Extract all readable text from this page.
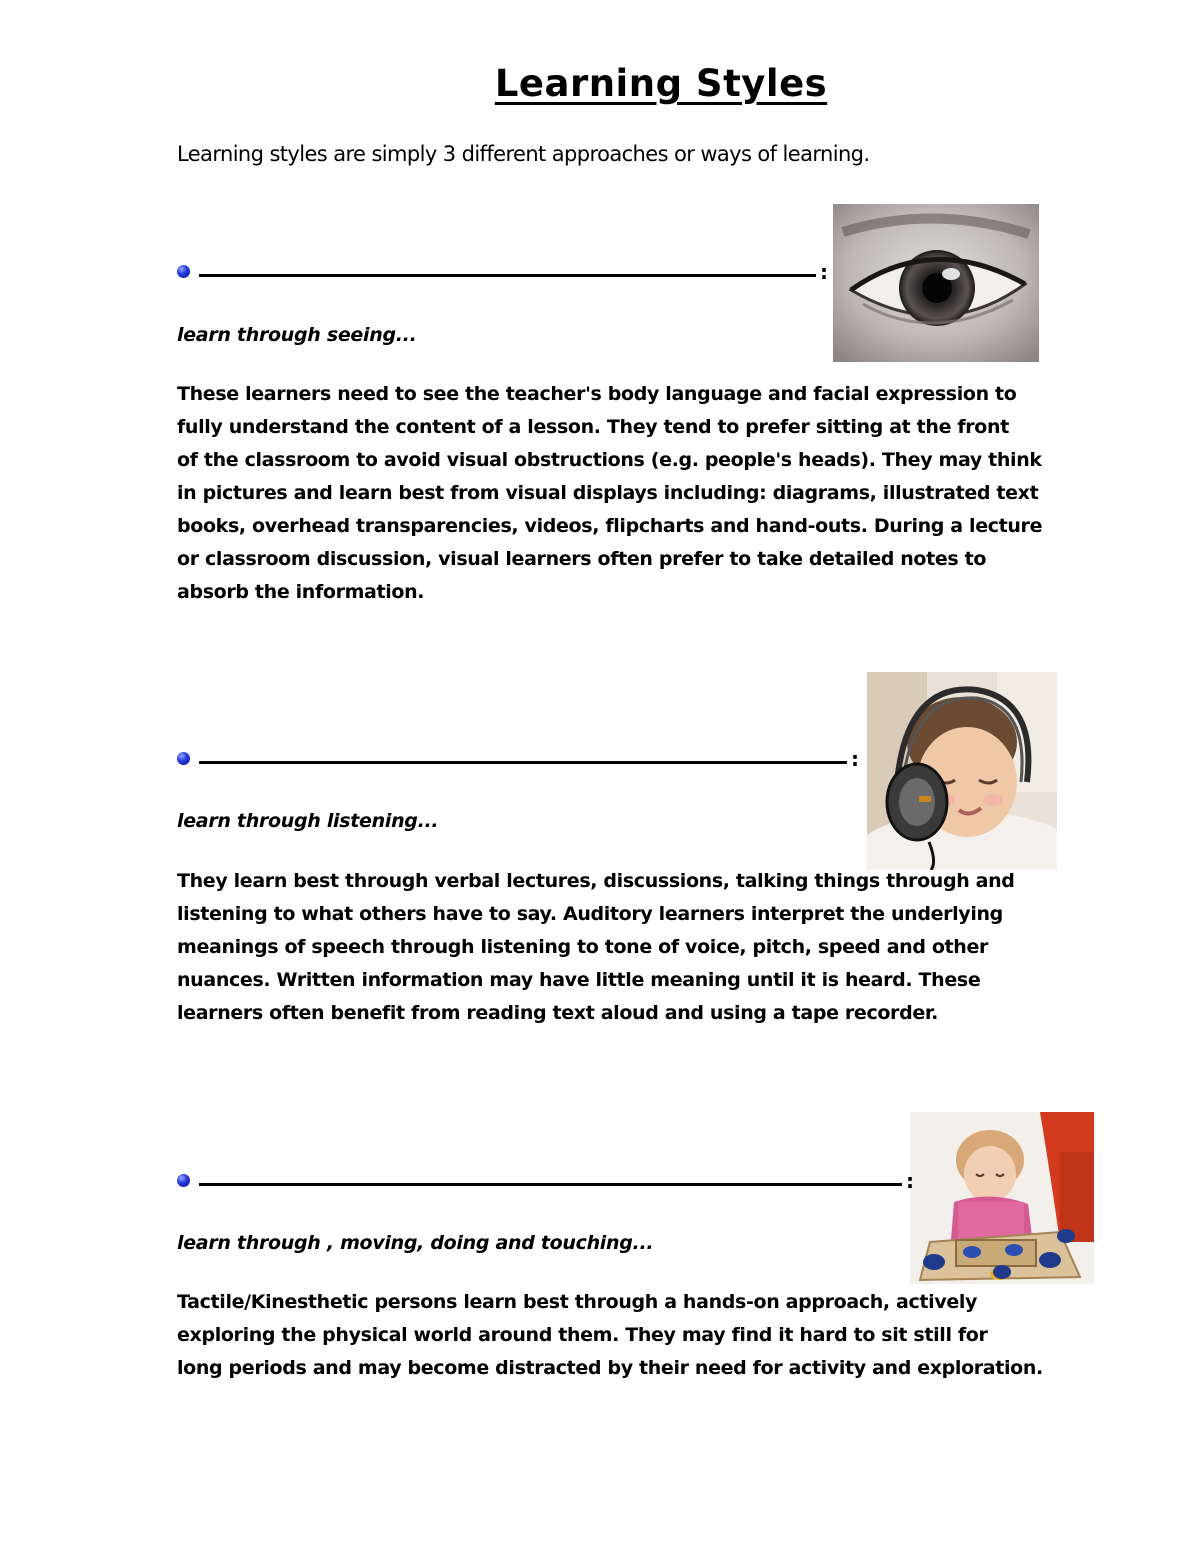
Learning Styles
Learning styles are simply 3 different approaches or ways of learning.
:
learn through seeing...
These learners need to see the teacher's body language and facial expression to
fully understand the content of a lesson. They tend to prefer sitting at the front
of the classroom to avoid visual obstructions (e.g. people's heads). They may think
in pictures and learn best from visual displays including: diagrams, illustrated text
books, overhead transparencies, videos, flipcharts and hand-outs. During a lecture
or classroom discussion, visual learners often prefer to take detailed notes to
absorb the information.
:
learn through listening...
They learn best through verbal lectures, discussions, talking things through and
listening to what others have to say. Auditory learners interpret the underlying
meanings of speech through listening to tone of voice, pitch, speed and other
nuances. Written information may have little meaning until it is heard. These
learners often benefit from reading text aloud and using a tape recorder.
:
learn through , moving, doing and touching...
Tactile/Kinesthetic persons learn best through a hands-on approach, actively
exploring the physical world around them. They may find it hard to sit still for
long periods and may become distracted by their need for activity and exploration.
